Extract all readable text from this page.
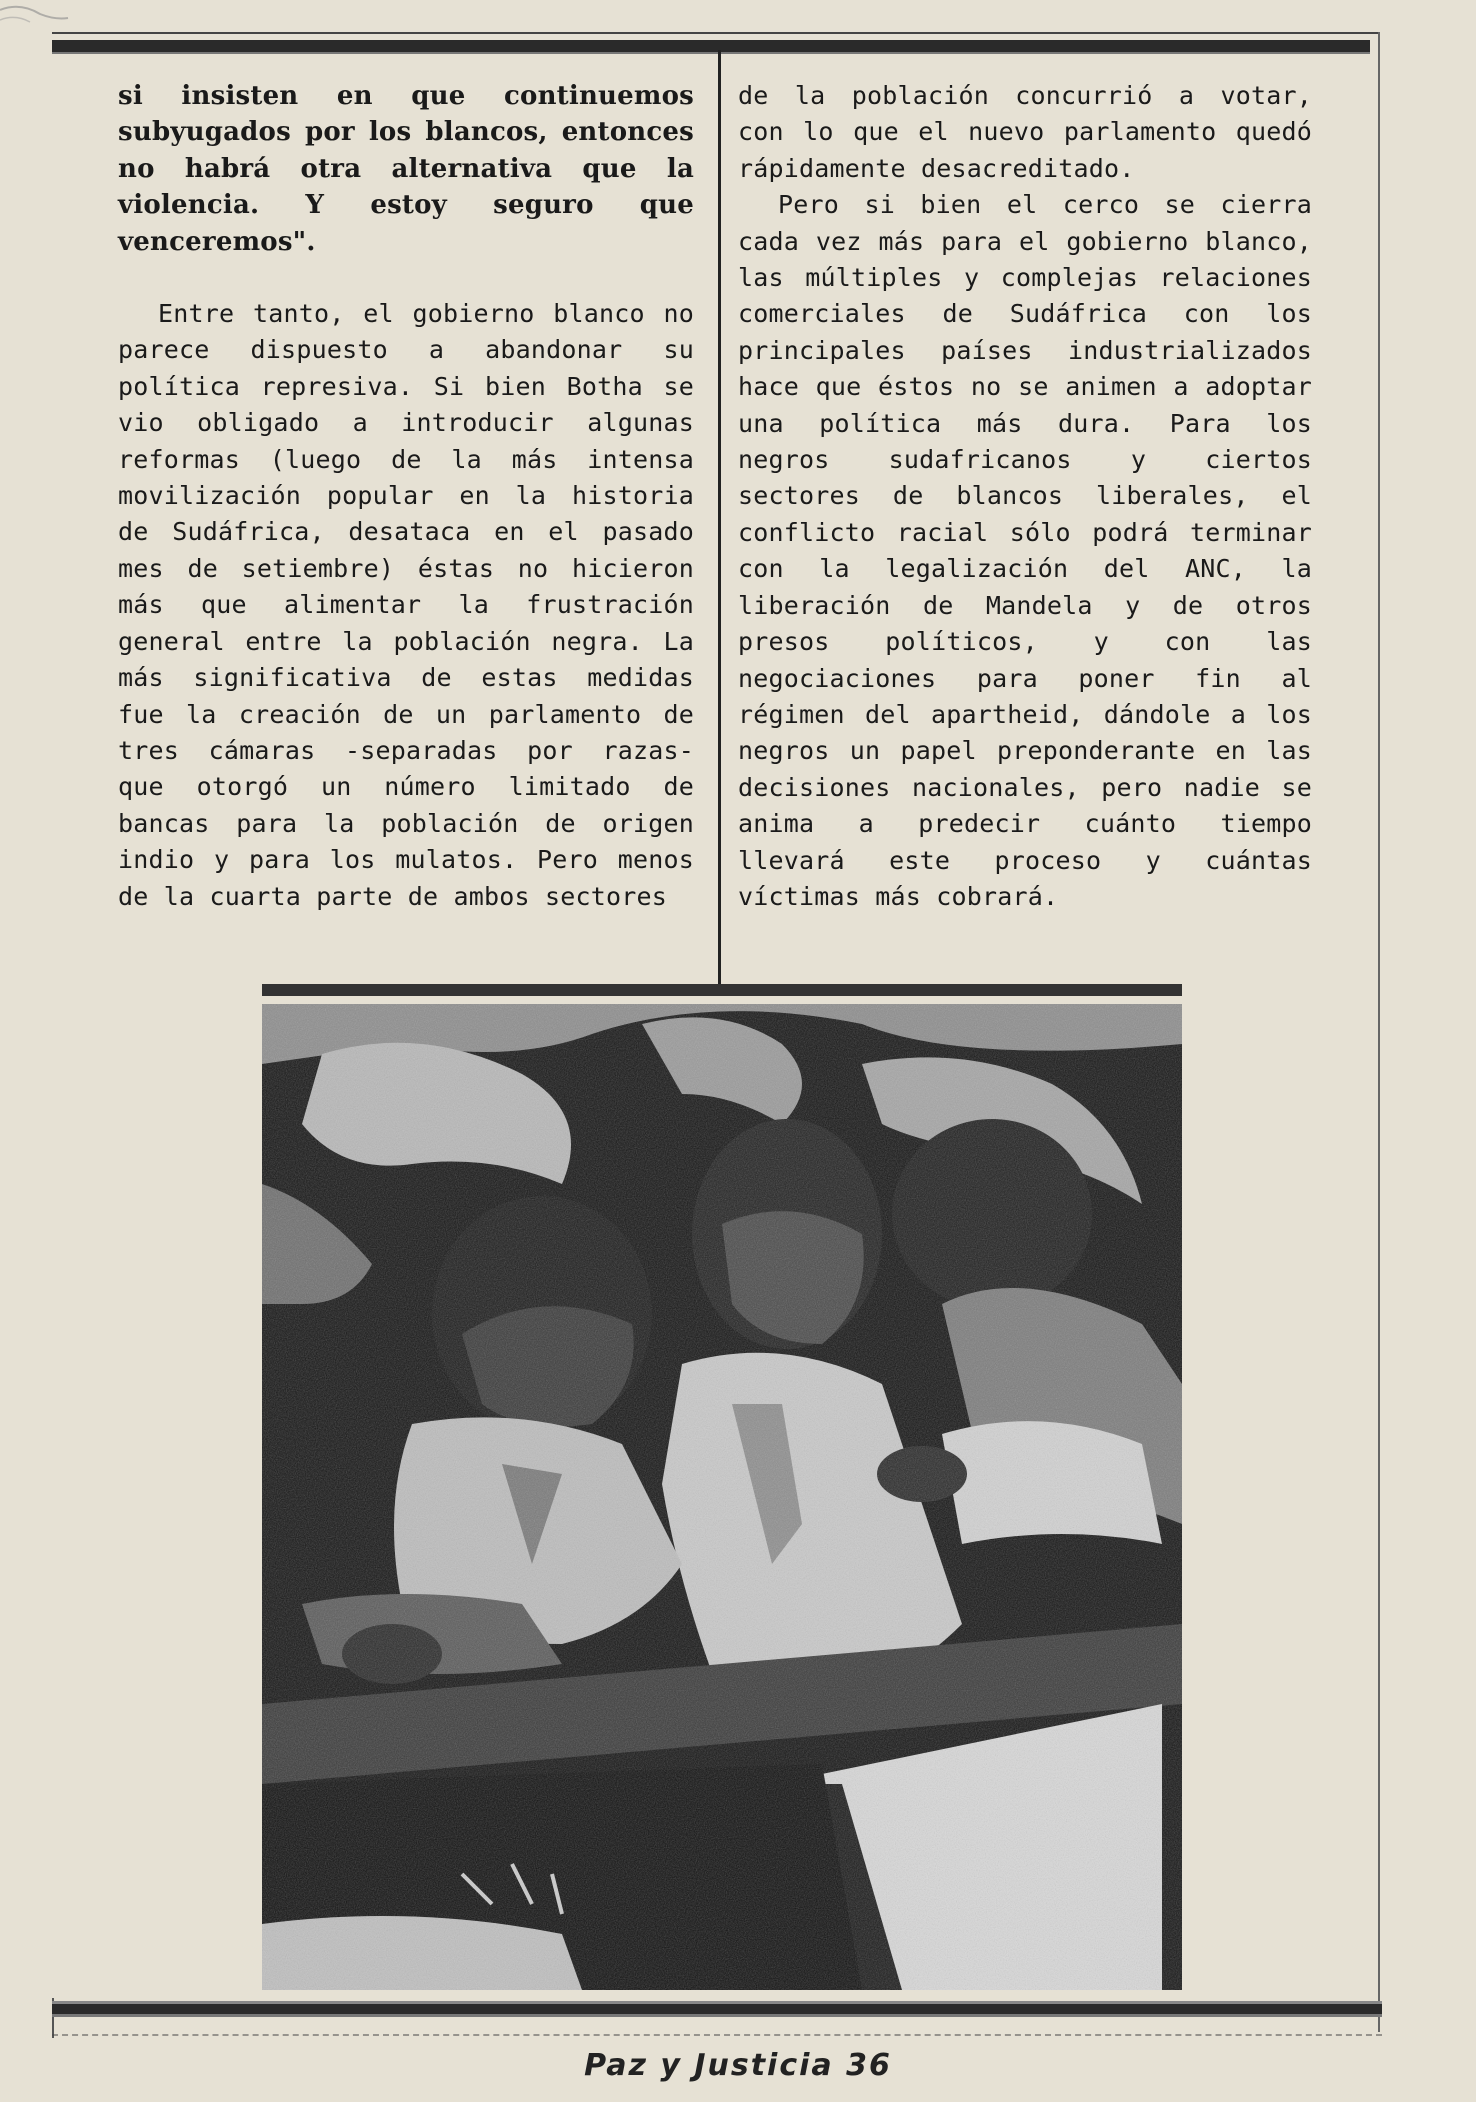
si insisten en que continuemos subyugados por los blancos, entonces no habrá otra alternativa que la violencia. Y estoy seguro que venceremos".

Entre tanto, el gobierno blanco no parece dispuesto a abandonar su política represiva. Si bien Botha se vio obligado a introducir algunas reformas (luego de la más intensa movilización popular en la historia de Sudáfrica, desataca en el pasado mes de setiembre) éstas no hicieron más que alimentar la frustración general entre la población negra. La más significativa de estas medidas fue la creación de un parlamento de tres cámaras -separadas por razas- que otorgó un número limitado de bancas para la población de origen indio y para los mulatos. Pero menos de la cuarta parte de ambos sectores

de la población concurrió a votar, con lo que el nuevo parlamento quedó rápidamente desacreditado.

Pero si bien el cerco se cierra cada vez más para el gobierno blanco, las múltiples y complejas relaciones comerciales de Sudáfrica con los principales países industrializados hace que éstos no se animen a adoptar una política más dura. Para los negros sudafricanos y ciertos sectores de blancos liberales, el conflicto racial sólo podrá terminar con la legalización del ANC, la liberación de Mandela y de otros presos políticos, y con las negociaciones para poner fin al régimen del apartheid, dándole a los negros un papel preponderante en las decisiones nacionales, pero nadie se anima a predecir cuánto tiempo llevará este proceso y cuántas víctimas más cobrará.

Paz y Justicia 36
